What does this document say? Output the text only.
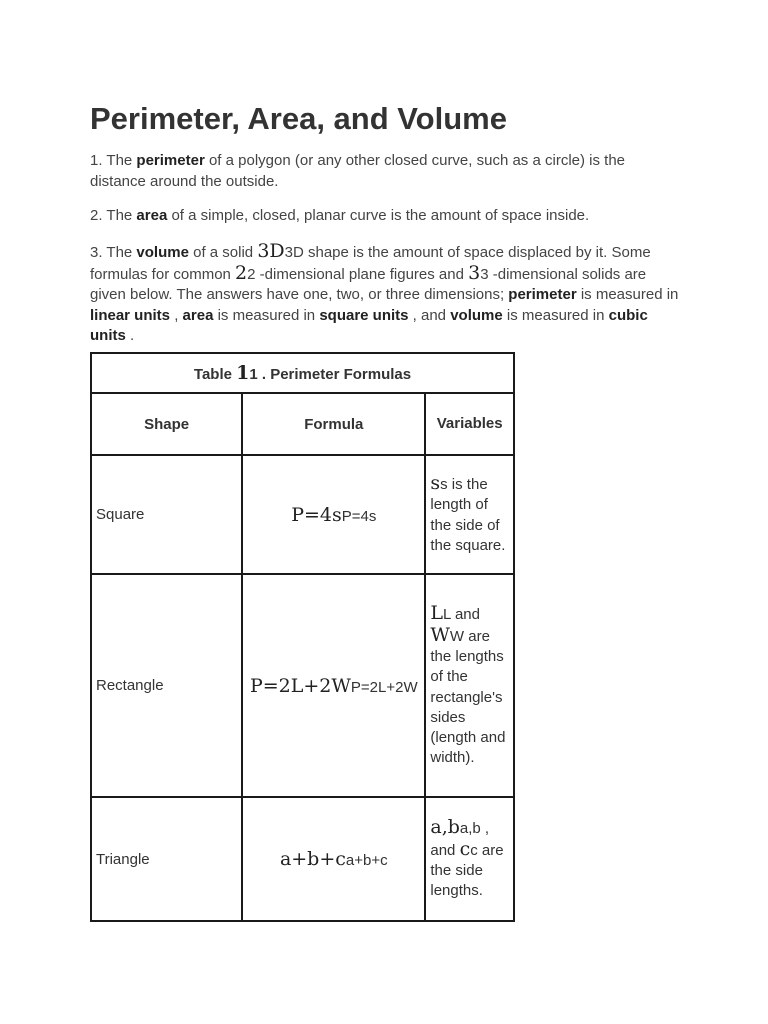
Perimeter, Area, and Volume

1. The perimeter of a polygon (or any other closed curve, such as a circle) is the distance around the outside.

2. The area of a simple, closed, planar curve is the amount of space inside.

3. The volume of a solid 3D3D shape is the amount of space displaced by it. Some formulas for common 22 -dimensional plane figures and 33 -dimensional solids are given below. The answers have one, two, or three dimensions; perimeter is measured in linear units , area is measured in square units , and volume is measured in cubic units .

Table 11 . Perimeter Formulas		
Shape	Formula	Variables
Square	P=4sP=4s	ss is the length of the side of the square.
Rectangle	P=2L+2WP=2L+2W	LL and WW are the lengths of the rectangle's sides (length and width).
Triangle	a+b+ca+b+c	a,ba,b , and cc are the side lengths.
